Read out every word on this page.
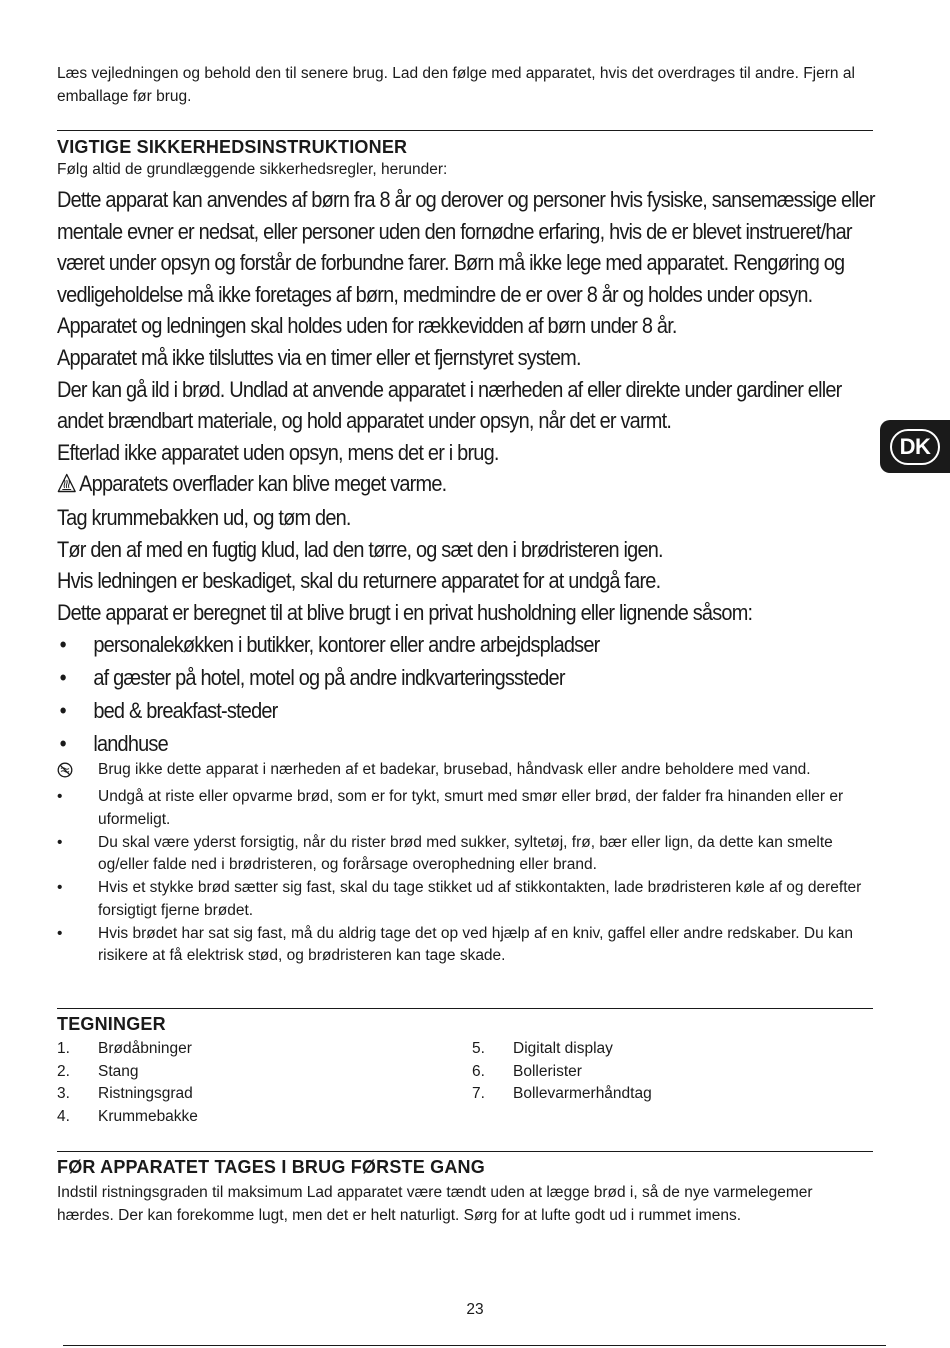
Læs vejledningen og behold den til senere brug. Lad den følge med apparatet, hvis det overdrages til andre. Fjern al emballage før brug.
VIGTIGE SIKKERHEDSINSTRUKTIONER
Følg altid de grundlæggende sikkerhedsregler, herunder:

Dette apparat kan anvendes af børn fra 8 år og derover og personer hvis fysiske, sansemæssige eller

mentale evner er nedsat, eller personer uden den fornødne erfaring, hvis de er blevet instrueret/har

været under opsyn og forstår de forbundne farer. Børn må ikke lege med apparatet. Rengøring og

vedligeholdelse må ikke foretages af børn, medmindre de er over 8 år og holdes under opsyn.

Apparatet og ledningen skal holdes uden for rækkevidden af børn under 8 år.

Apparatet må ikke tilsluttes via en timer eller et fjernstyret system.

Der kan gå ild i brød. Undlad at anvende apparatet i nærheden af eller direkte under gardiner eller

andet brændbart materiale, og hold apparatet under opsyn, når det er varmt.

Efterlad ikke apparatet uden opsyn, mens det er i brug.

Apparatets overflader kan blive meget varme.

Tag krummebakken ud, og tøm den.

Tør den af med en fugtig klud, lad den tørre, og sæt den i brødristeren igen.

Hvis ledningen er beskadiget, skal du returnere apparatet for at undgå fare.

Dette apparat er beregnet til at blive brugt i en privat husholdning eller lignende såsom:

•	personalekøkken i butikker, kontorer eller andre arbejdspladser
•	af gæster på hotel, motel og på andre indkvarteringssteder
•	bed & breakfast-steder
•	landhuse
Brug ikke dette apparat i nærheden af et badekar, brusebad, håndvask eller andre beholdere med vand.
•	Undgå at riste eller opvarme brød, som er for tykt, smurt med smør eller brød, der falder fra hinanden eller er uformeligt.
•	Du skal være yderst forsigtig, når du rister brød med sukker, syltetøj, frø, bær eller lign, da dette kan smelte og/eller falde ned i brødristeren, og forårsage overophedning eller brand.
•	Hvis et stykke brød sætter sig fast, skal du tage stikket ud af stikkontakten, lade brødristeren køle af og derefter forsigtigt fjerne brødet.
•	Hvis brødet har sat sig fast, må du aldrig tage det op ved hjælp af en kniv, gaffel eller andre redskaber. Du kan risikere at få elektrisk stød, og brødristeren kan tage skade.
TEGNINGER
1.	Brødåbninger
2.	Stang
3.	Ristningsgrad
4.	Krummebakke
5.	Digitalt display
6.	Bollerister
7.	Bollevarmerhåndtag
FØR APPARATET TAGES I BRUG FØRSTE GANG
Indstil ristningsgraden til maksimum Lad apparatet være tændt uden at lægge brød i, så de nye varmelegemer hærdes. Der kan forekomme lugt, men det er helt naturligt. Sørg for at lufte godt ud i rummet imens.
23
DK
